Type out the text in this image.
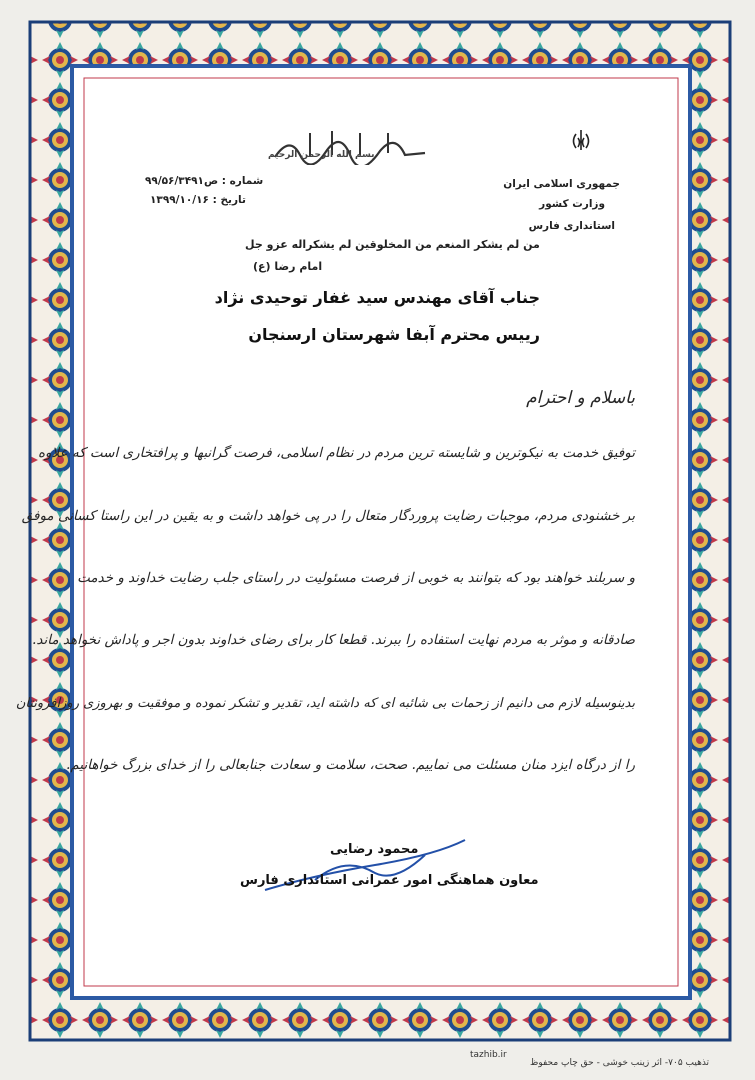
بسم الله الرحمن الرحیم
جمهوری اسلامی ایران
وزارت کشور
استانداری فارس
شماره : ص۹۹/۵۶/۳۴۹۱
تاریخ : ۱۳۹۹/۱۰/۱۶
من لم یشکر المنعم من المخلوقین لم یشکراله عزو جل
امام رضا (ع)
جناب آقای مهندس سید غفار توحیدی نژاد
رییس محترم آبفا شهرستان ارسنجان
باسلام و احترام
توفیق خدمت به نیکوترین و شایسته ترین مردم در نظام اسلامی، فرصت گرانبها و پرافتخاری است که علاوه
بر خشنودی مردم، موجبات رضایت پروردگار متعال را در پی خواهد داشت و به یقین در این راستا کسانی موفق
و سربلند خواهند بود که بتوانند به خوبی از فرصت مسئولیت در راستای جلب رضایت خداوند و خدمت
صادقانه و موثر به مردم نهایت استفاده را ببرند. قطعا کار برای رضای خداوند بدون اجر و پاداش نخواهد ماند.
بدینوسیله لازم می دانیم از زحمات بی شائبه ای که داشته اید، تقدیر و تشکر نموده و موفقیت و بهروزی روزافزونتان
را از درگاه ایزد منان مسئلت می نماییم. صحت، سلامت و سعادت جنابعالی را از خدای بزرگ خواهانیم.
محمود رضایی
معاون هماهنگی امور عمرانی استانداری فارس
tazhib.ir
تذهیب ۷۰۵- اثر زینب خوشی - حق چاپ محفوظ
